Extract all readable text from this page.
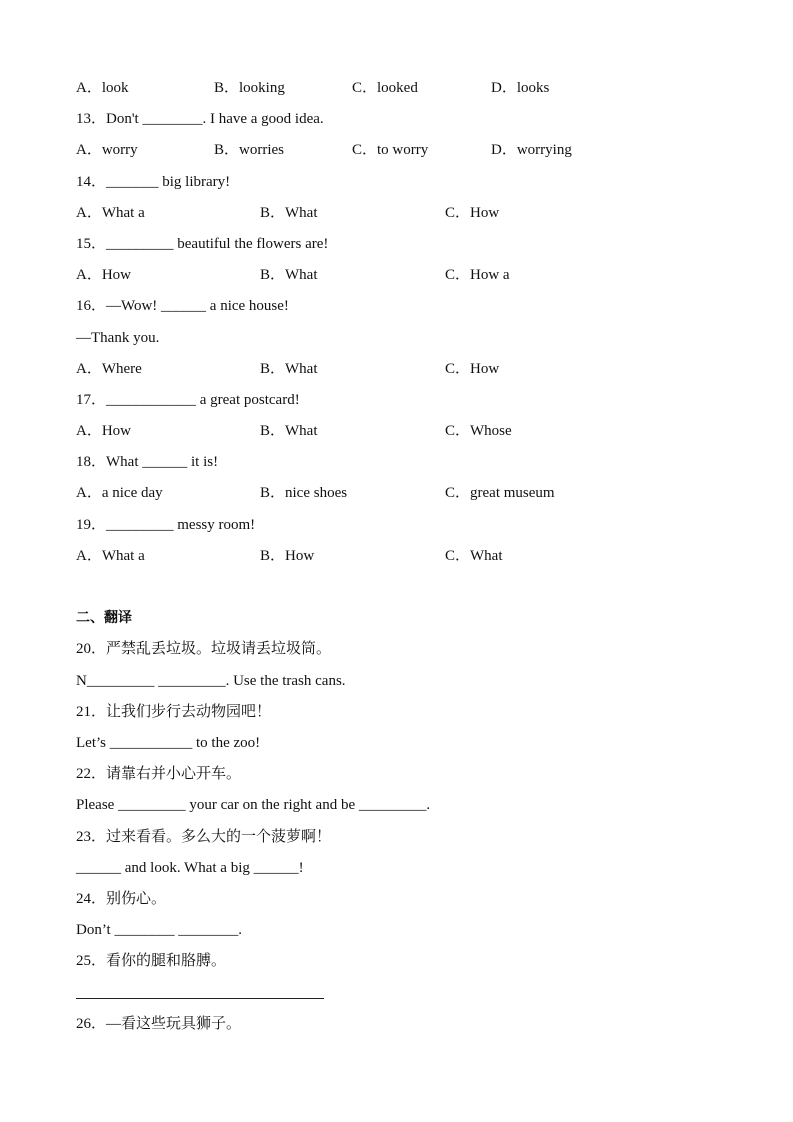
A．look	B．looking	C．looked	D．looks
13．Don't ________. I have a good idea.
A．worry	B．worries	C．to worry	D．worrying
14．_______ big library!
A．What a	B．What	C．How
15．_________ beautiful the flowers are!
A．How	B．What	C．How a
16．—Wow! ______ a nice house!
—Thank you.
A．Where	B．What	C．How
17．____________ a great postcard!
A．How	B．What	C．Whose
18．What ______ it is!
A．a nice day	B．nice shoes	C．great museum
19．_________ messy room!
A．What a	B．How	C．What
二、翻译
20．严禁乱丢垃圾。垃圾请丢垃圾筒。
N_________ _________. Use the trash cans.
21．让我们步行去动物园吧！
Let’s ___________ to the zoo!
22．请靠右并小心开车。
Please _________ your car on the right and be _________.
23．过来看看。多么大的一个菠萝啊！
______ and look. What a big ______!
24．别伤心。
Don’t ________ ________.
25．看你的腿和胳膊。
26．—看这些玩具狮子。
